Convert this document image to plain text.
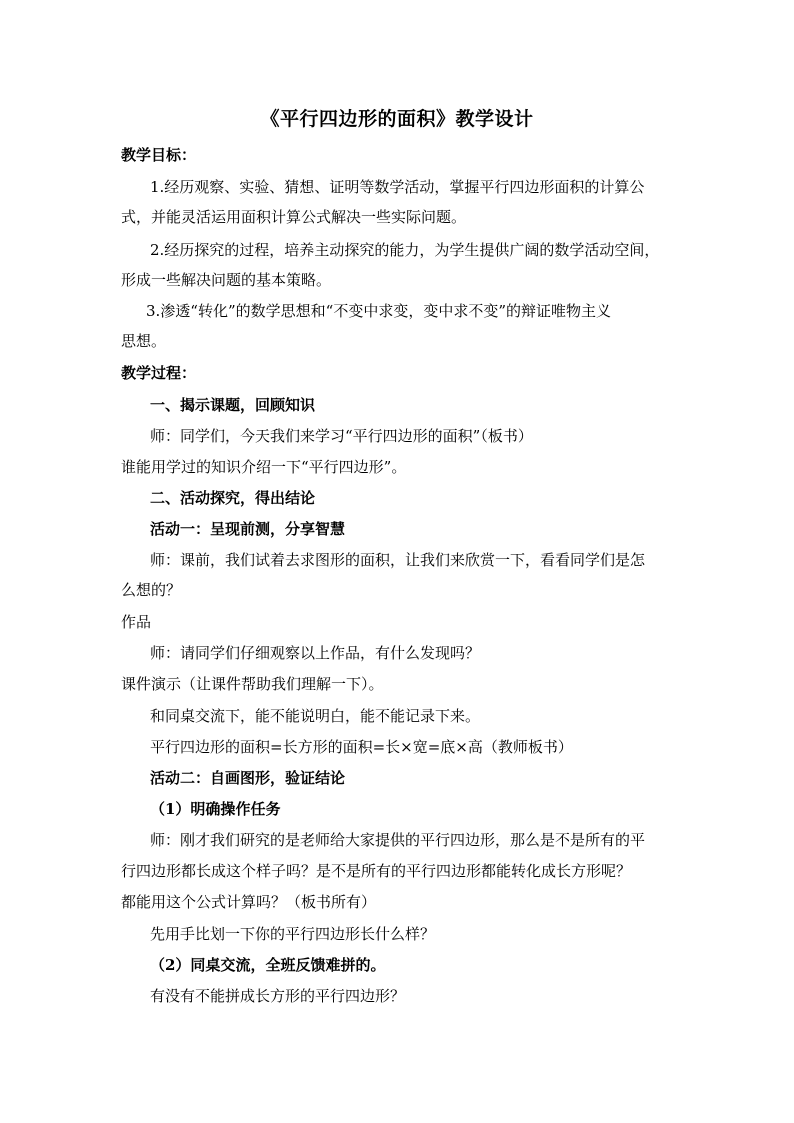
《平行四边形的面积》教学设计
教学目标：
1.经历观察、实验、猜想、证明等数学活动，掌握平行四边形面积的计算公
式，并能灵活运用面积计算公式解决一些实际问题。
2.经历探究的过程，培养主动探究的能力，为学生提供广阔的数学活动空间，
形成一些解决问题的基本策略。
3.渗透“转化”的数学思想和“不变中求变，变中求不变”的辩证唯物主义
思想。
教学过程：
一、揭示课题，回顾知识
师：同学们，今天我们来学习“平行四边形的面积”（板书）
谁能用学过的知识介绍一下“平行四边形”。
二、活动探究，得出结论
活动一：呈现前测，分享智慧
师：课前，我们试着去求图形的面积，让我们来欣赏一下，看看同学们是怎
么想的？
作品
师：请同学们仔细观察以上作品，有什么发现吗？
课件演示（让课件帮助我们理解一下）。
和同桌交流下，能不能说明白，能不能记录下来。
平行四边形的面积=长方形的面积=长×宽=底×高（教师板书）
活动二：自画图形，验证结论
（1）明确操作任务
师：刚才我们研究的是老师给大家提供的平行四边形，那么是不是所有的平
行四边形都长成这个样子吗？是不是所有的平行四边形都能转化成长方形呢？
都能用这个公式计算吗？（板书所有）
先用手比划一下你的平行四边形长什么样？
（2）同桌交流，全班反馈难拼的。
有没有不能拼成长方形的平行四边形？
